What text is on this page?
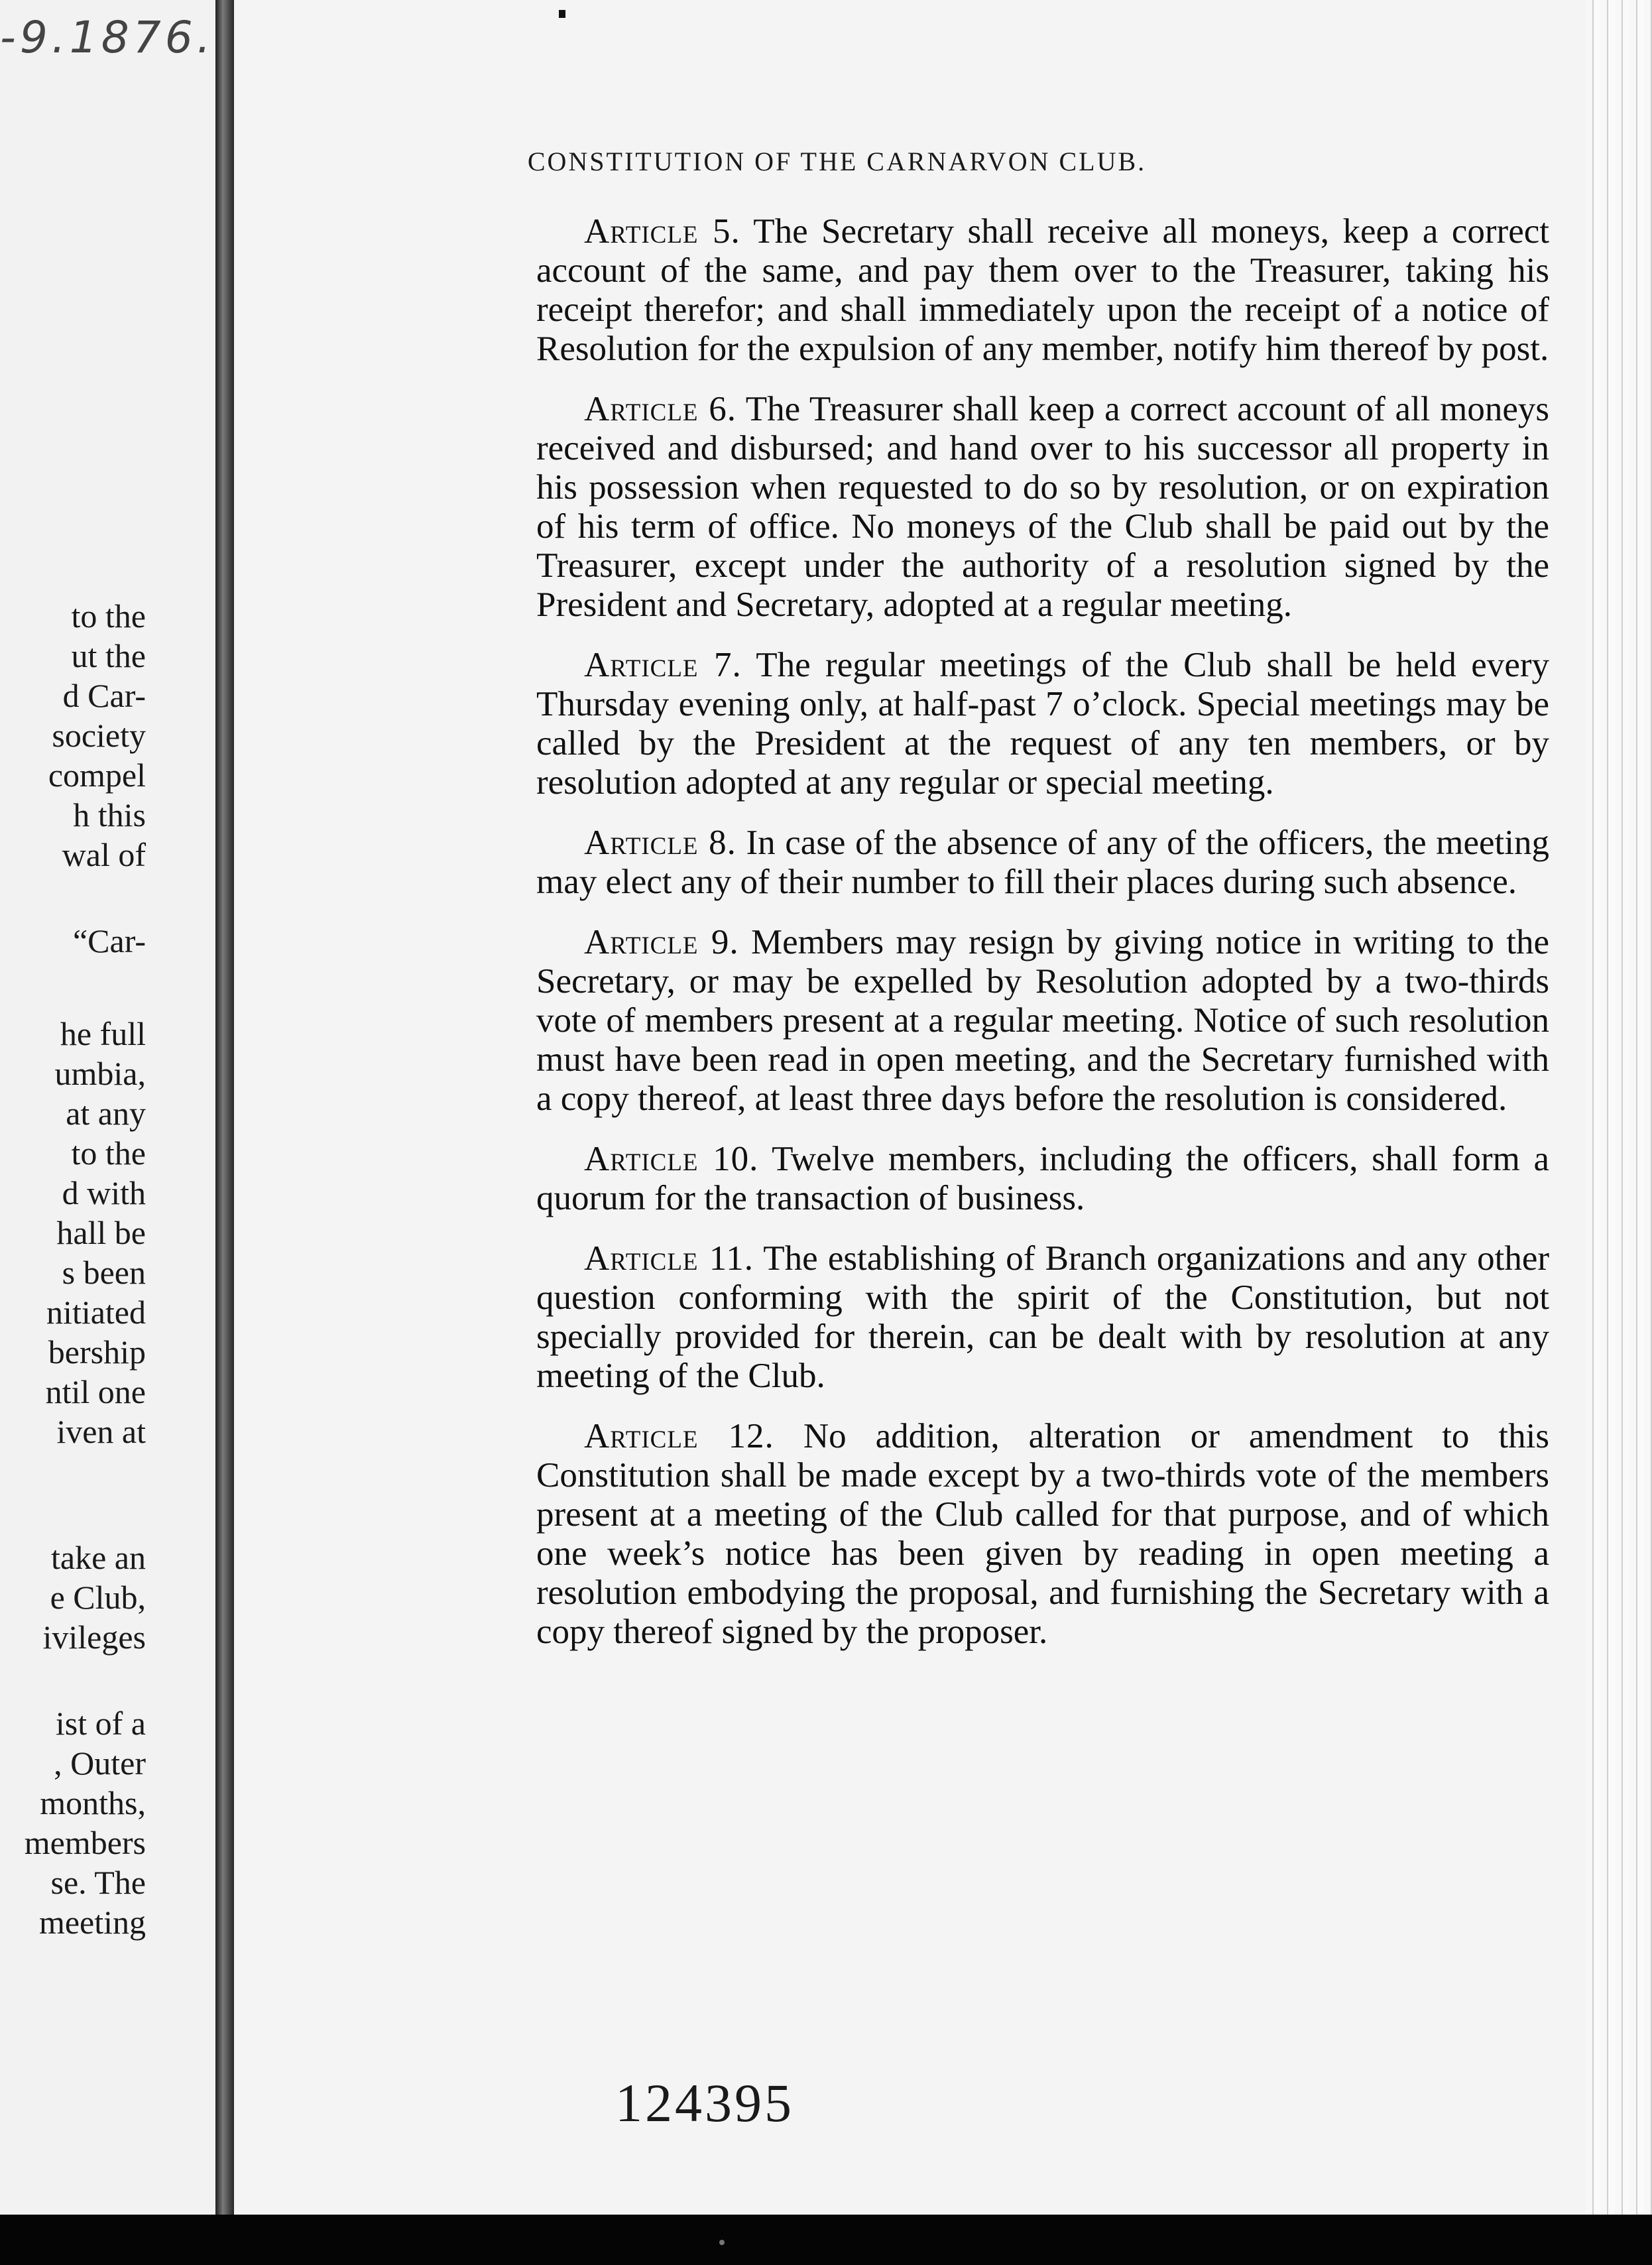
-9.1876.
to the
ut the
d Car-
society
compel
h this
wal of
“Car-
he full
umbia,
at any
to the
d with
hall be
s been
nitiated
bership
ntil one
iven at
take an
e Club,
ivileges
ist of a
, Outer
months,
members
se. The
meeting
CONSTITUTION OF THE CARNARVON CLUB.

Article 5. The Secretary shall receive all moneys, keep a correct account of the same, and pay them over to the Treasurer, taking his receipt therefor; and shall immediately upon the receipt of a notice of Resolution for the expulsion of any member, notify him thereof by post.

Article 6. The Treasurer shall keep a correct account of all moneys received and disbursed; and hand over to his successor all property in his possession when requested to do so by resolution, or on expiration of his term of office. No moneys of the Club shall be paid out by the Treasurer, except under the authority of a resolution signed by the President and Secretary, adopted at a regular meeting.

Article 7. The regular meetings of the Club shall be held every Thursday evening only, at half-past 7 o’clock. Special meetings may be called by the President at the request of any ten members, or by resolution adopted at any regular or special meeting.

Article 8. In case of the absence of any of the officers, the meeting may elect any of their number to fill their places during such absence.

Article 9. Members may resign by giving notice in writing to the Secretary, or may be expelled by Resolution adopted by a two-thirds vote of members present at a regular meeting. Notice of such resolution must have been read in open meeting, and the Secretary furnished with a copy thereof, at least three days before the resolution is considered.

Article 10. Twelve members, including the officers, shall form a quorum for the transaction of business.

Article 11. The establishing of Branch organizations and any other question conforming with the spirit of the Constitution, but not specially provided for therein, can be dealt with by resolution at any meeting of the Club.

Article 12. No addition, alteration or amendment to this Constitution shall be made except by a two-thirds vote of the members present at a meeting of the Club called for that purpose, and of which one week’s notice has been given by reading in open meeting a resolution embodying the proposal, and furnishing the Secretary with a copy thereof signed by the proposer.

124395
